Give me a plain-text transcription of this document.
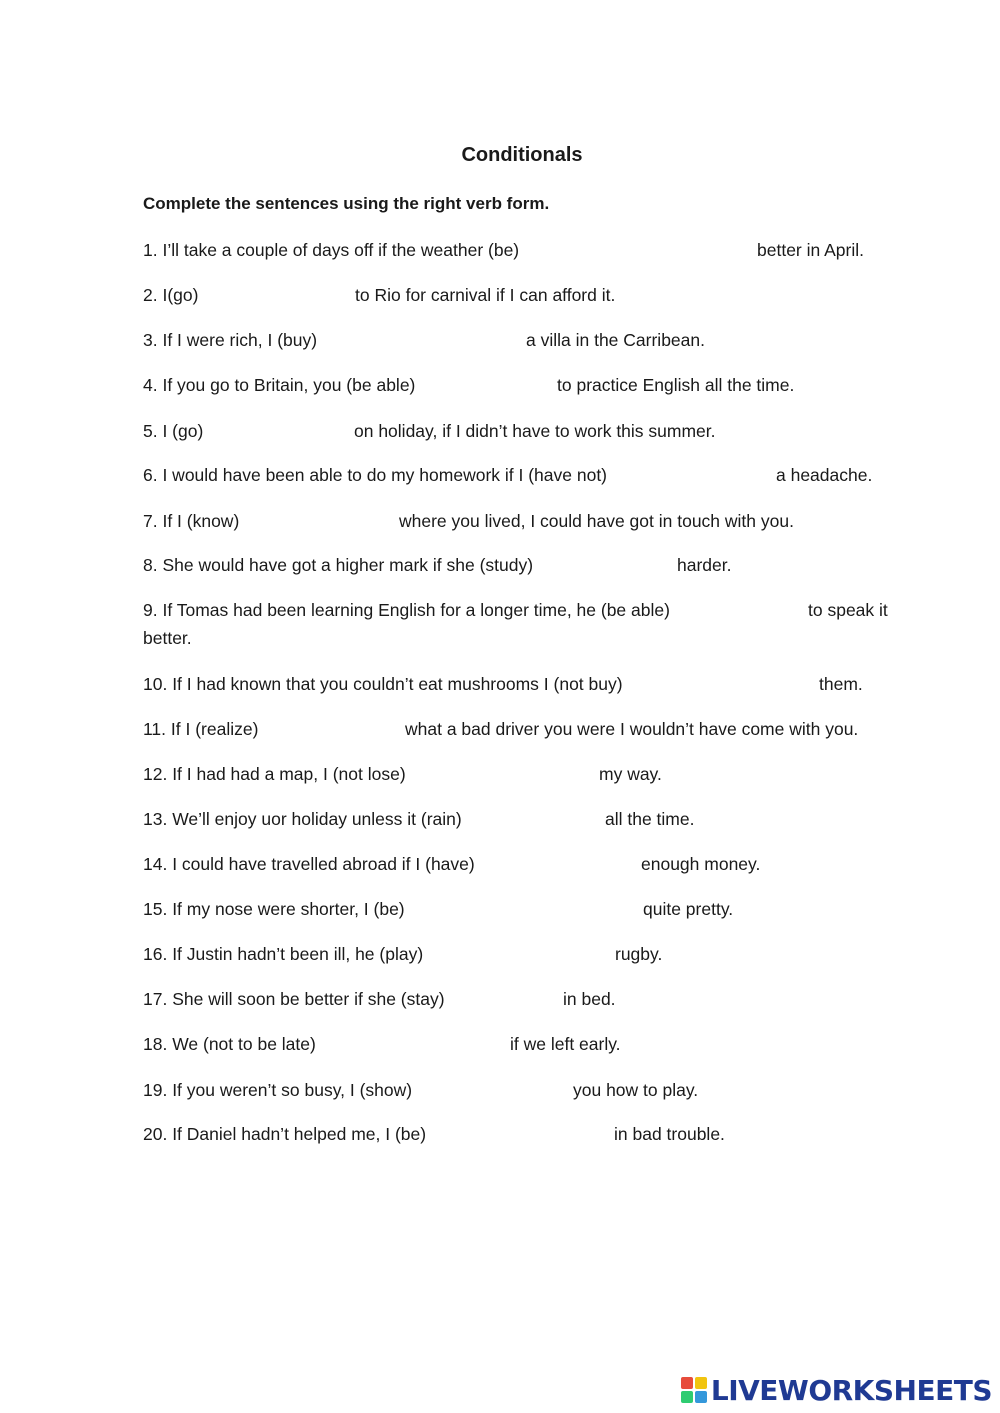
Conditionals
Complete the sentences using the right verb form.
1. I’ll take a couple of days off if the weather (be)	better in April.
2. I(go)	to Rio for carnival if I can afford it.
3. If I were rich, I (buy)	a villa in the Carribean.
4. If you go to Britain, you (be able)	to practice English all the time.
5. I (go)	on holiday, if I didn’t have to work this summer.
6. I would have been able to do my homework if I (have not)	a headache.
7. If I (know)	where you lived, I could have got in touch with you.
8. She would have got a higher mark if she (study)	harder.
9. If Tomas had been learning English for a longer time, he (be able)	to speak it
better.
10. If I had known that you couldn’t eat mushrooms I (not buy)	them.
11. If I (realize)	what a bad driver you were I wouldn’t have come with you.
12. If I had had a map, I (not lose)	my way.
13. We’ll enjoy uor holiday unless it (rain)	all the time.
14. I could have travelled abroad if I (have)	enough money.
15. If my nose were shorter, I (be)	quite pretty.
16. If Justin hadn’t been ill, he (play)	rugby.
17. She will soon be better if she (stay)	in bed.
18. We (not to be late)	if we left early.
19. If you weren’t so busy, I (show)	you how to play.
20. If Daniel hadn’t helped me, I (be)	in bad trouble.
LIVEWORKSHEETS
